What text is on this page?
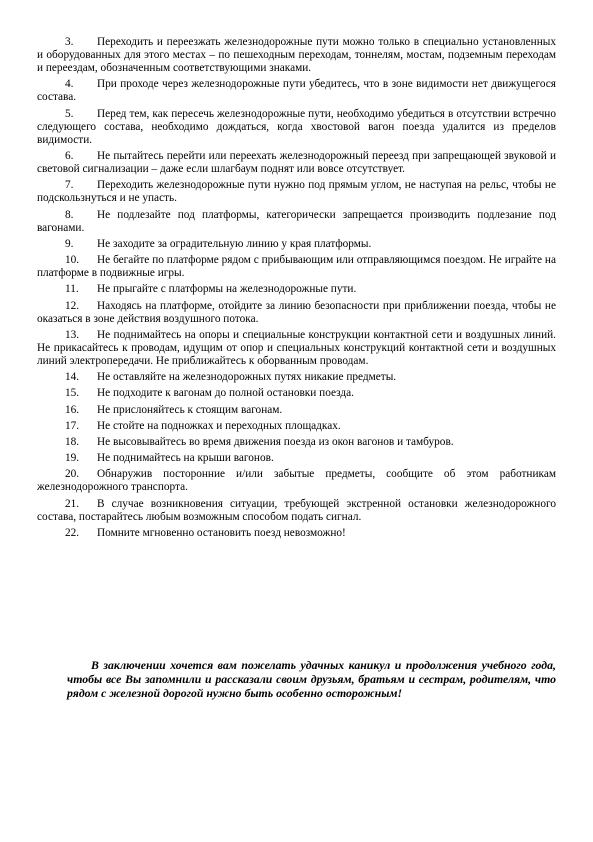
3. Переходить и переезжать железнодорожные пути можно только в специально установленных и оборудованных для этого местах – по пешеходным переходам, тоннелям, мостам, подземным переходам и переездам, обозначенным соответствующими знаками.

4. При проходе через железнодорожные пути убедитесь, что в зоне видимости нет движущегося состава.

5. Перед тем, как пересечь железнодорожные пути, необходимо убедиться в отсутствии встречно следующего состава, необходимо дождаться, когда хвостовой вагон поезда удалится из пределов видимости.

6. Не пытайтесь перейти или переехать железнодорожный переезд при запрещающей звуковой и световой сигнализации – даже если шлагбаум поднят или вовсе отсутствует.

7. Переходить железнодорожные пути нужно под прямым углом, не наступая на рельс, чтобы не подскользнуться и не упасть.

8. Не подлезайте под платформы, категорически запрещается производить подлезание под вагонами.

9. Не заходите за оградительную линию у края платформы.

10. Не бегайте по платформе рядом с прибывающим или отправляющимся поездом. Не играйте на платформе в подвижные игры.

11. Не прыгайте с платформы на железнодорожные пути.

12. Находясь на платформе, отойдите за линию безопасности при приближении поезда, чтобы не оказаться в зоне действия воздушного потока.

13. Не поднимайтесь на опоры и специальные конструкции контактной сети и воздушных линий. Не прикасайтесь к проводам, идущим от опор и специальных конструкций контактной сети и воздушных линий электропередачи. Не приближайтесь к оборванным проводам.

14. Не оставляйте на железнодорожных путях никакие предметы.

15. Не подходите к вагонам до полной остановки поезда.

16. Не прислоняйтесь к стоящим вагонам.

17. Не стойте на подножках и переходных площадках.

18. Не высовывайтесь во время движения поезда из окон вагонов и тамбуров.

19. Не поднимайтесь на крыши вагонов.

20. Обнаружив посторонние и/или забытые предметы, сообщите об этом работникам железнодорожного транспорта.

21. В случае возникновения ситуации, требующей экстренной остановки железнодорожного состава, постарайтесь любым возможным способом подать сигнал.

22. Помните мгновенно остановить поезд невозможно!

В заключении хочется вам пожелать удачных каникул и продолжения учебного года, чтобы все Вы запомнили и рассказали своим друзьям, братьям и сестрам, родителям, что рядом с железной дорогой нужно быть особенно осторожным!
